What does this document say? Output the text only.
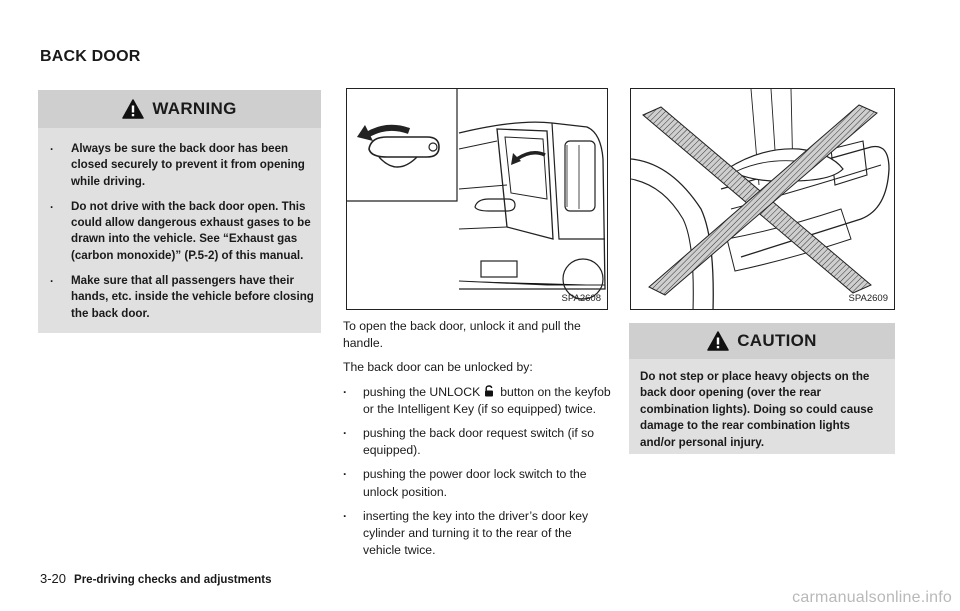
BACK DOOR
WARNING
. Always be sure the back door has been closed securely to prevent it from opening while driving.
. Do not drive with the back door open. This could allow dangerous exhaust gases to be drawn into the vehicle. See “Exhaust gas (carbon monoxide)” (P.5-2) of this manual.
. Make sure that all passengers have their hands, etc. inside the vehicle before closing the back door.
SPA2608	SPA2609

To open the back door, unlock it and pull the handle.

The back door can be unlocked by:

. pushing the UNLOCK button on the keyfob or the Intelligent Key (if so equipped) twice.
. pushing the back door request switch (if so equipped).
. pushing the power door lock switch to the unlock position.
. inserting the key into the driver’s door key cylinder and turning it to the rear of the vehicle twice.
CAUTION
Do not step or place heavy objects on the back door opening (over the rear combination lights). Doing so could cause damage to the rear combination lights and/or personal injury.
3-20 Pre-driving checks and adjustments
carmanualsonline.info
